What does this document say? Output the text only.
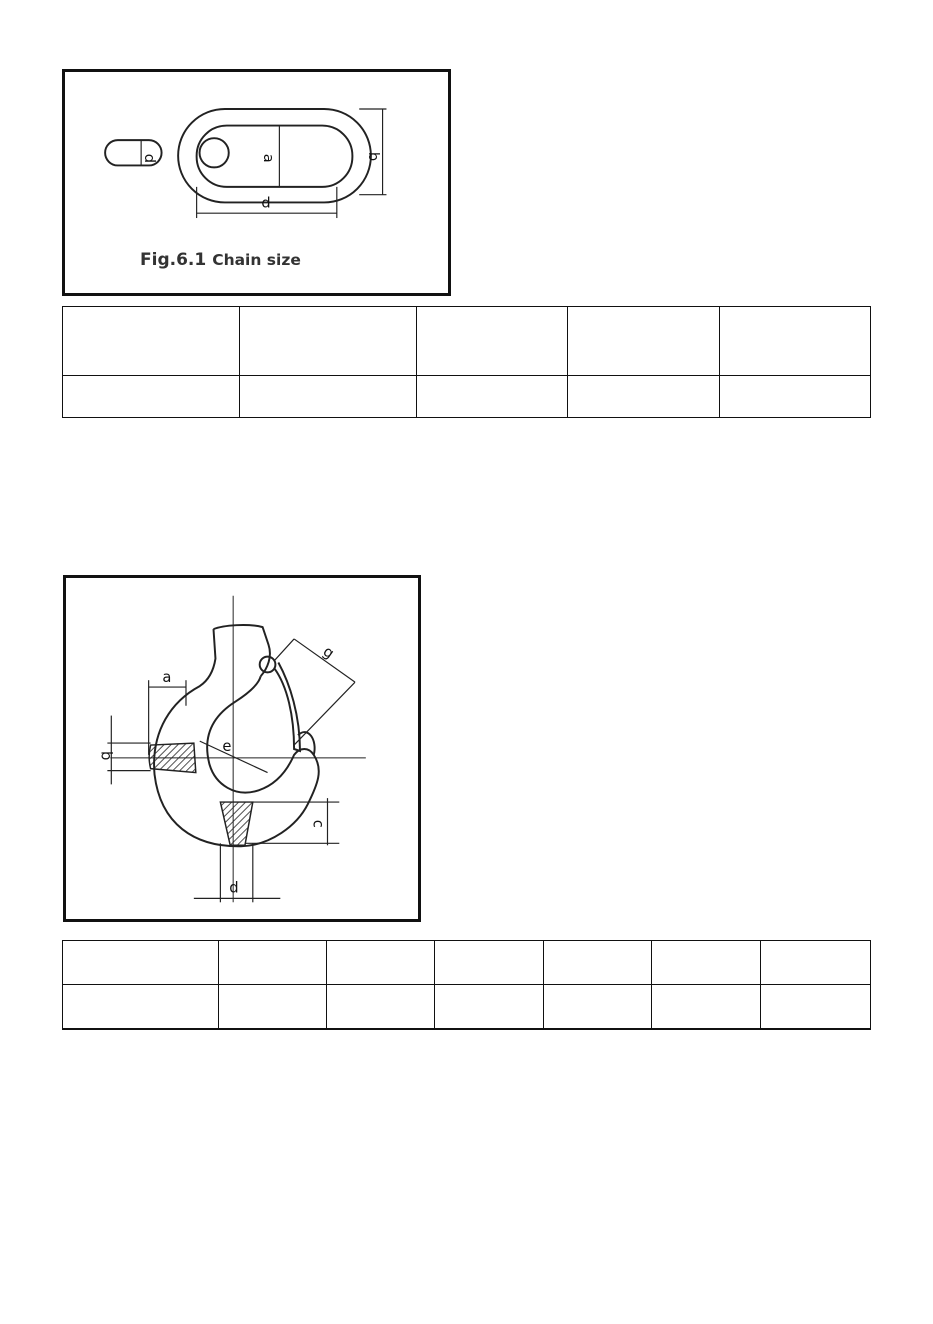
d	a	b
p
Fig.6.1 Chain size

a
b
c
d
e
g
